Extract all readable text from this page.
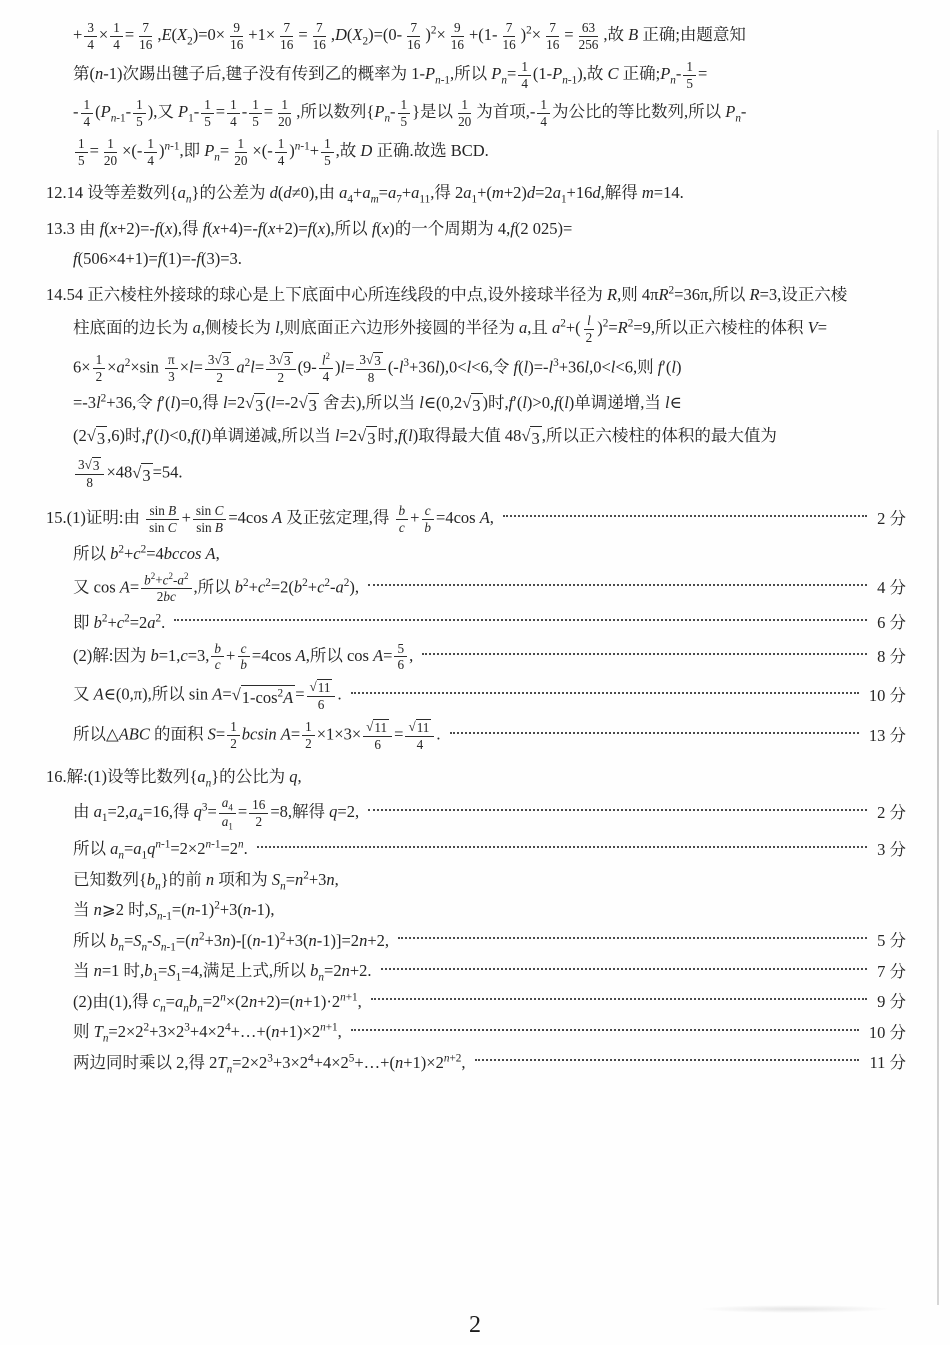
+ $\frac{3}{4} \times \frac{1}{4} = \frac{7}{16} ,E(X_2)=0\times \frac{9}{16} +1\times \frac{7}{16} = \frac{7}{16} ,D(X_2)=(0- \frac{7}{16} )^2\times \frac{9}{16} +(1- \frac{7}{16} )^2\times \frac{7}{16} = \frac{63}{256}$ ,故 B 正确;由题意知
第(n-1)次踢出毽子后,毽子没有传到乙的概率为 $1-P_{n-1}$,所以 $P_n= \frac{1}{4} (1-P_{n-1})$,故 C 正确$;P_n- \frac{1}{5}$ =
- $\frac{1}{4} (P_{n-1}- \frac{1}{5}$ ),又 $P_1- \frac{1}{5} = \frac{1}{4} - \frac{1}{5} = \frac{1}{20}$ ,所以数列{$P_n- \frac{1}{5}$ }是以 $\frac{1}{20}$ 为首项,- $\frac{1}{4}$ 为公比的等比数列,所以 $P_n-$
$\frac{1}{5} = \frac{1}{20}$ ×(- $\frac{1}{4} )^{n-1}$,即 $P_n= \frac{1}{20}$ ×(- $\frac{1}{4} )^{n-1}+ \frac{1}{5}$ ,故 D 正确.故选 BCD.
12.14 设等差数列$\{a_n\}$的公差为 d(d≠0),由 $a_4+a_m=a_7+a_{11}$,得 $2a_1+(m+2)d=2a_1+16d$,解得 m=14.
13.3 由 f(x+2)=-f(x),得 f(x+4)=-f(x+2)=f(x),所以 f(x)的一个周期为 4,f(2 025)=
f(506×4+1)=f(1)=-f(3)=3.
14.54 正六棱柱外接球的球心是上下底面中心所连线段的中点,设外接球半径为 R,则 $4\pi R^2=36\pi$,所以 R=3,设正六棱
柱底面的边长为 a,侧棱长为 l,则底面正六边形外接圆的半径为 a,且 $a^2+( \frac{l}{2} )^2=R^2=9$,所以正六棱柱的体积 V=
$6\times \frac{1}{2} \times a^2\times\sin \frac{\pi}{3} \times l= \frac{3 √ 3}{2} a^2l= \frac{3 √ 3}{2} (9- \frac{l^2}{4} )l= \frac{3 √ 3}{8} (-l^3+36l),0<l<6$,令 $f(l)=-l^3+36l,0<l<6$,则 f′(l)
$=-3l^2+36$,令 f′(l)=0,得 l=2 √ 3 (l=-2 √ 3 舍去),所以当 l∈(0,2 √ 3 )时,f′(l)>0,f(l)单调递增,当 l∈
(2 √ 3 ,6)时,f′(l)<0,f(l)单调递减,所以当 l=2 √ 3 时,f(l)取得最大值 48 √ 3 ,所以正六棱柱的体积的最大值为
$\frac{3 √ 3}{8} \times 48$ √ 3 =54.
15.(1)证明:由 $\frac{\text{sin B}}{\text{sin C}} + \frac{\text{sin C}}{\text{sin B}} =4\cos$ A 及正弦定理,得 $\frac{b}{c} + \frac{c}{b} =4\cos$ A,	2 分
所以 $b^2+c^2=4bccos$ A,
又 $\cos A= \frac{b^2+c^2-a^2}{2bc}$ ,所以 $b^2+c^2=2(b^2+c^2-a^2)$,	4 分
即 $b^2+c^2=2a^2$.	6 分
(2)解:因为 b=1,c=3, $\frac{b}{c} + \frac{c}{b} =4\cos$ A,所以 $\cos A= \frac{5}{6}$ ,	8 分
又 A∈(0,π),所以 sin A= √ $1-\cos^2A = \frac{√ 11}{6}$ .	10 分
所以△ABC 的面积 $S= \frac{1}{2}$ bcsin $A= \frac{1}{2} \times 1\times 3\times \frac{√ 11}{6} = \frac{√ 11}{4}$ .	13 分
16.解:(1)设等比数列$\{a_n\}$的公比为 q,
由 $a_1=2,a_4=16$,得 $q^3= \frac{a_4}{a_1} = \frac{16}{2} =8$,解得 q=2,	2 分
所以 $a_n=a_1q^{n-1}=2\times 2^{n-1}=2^n$.	3 分
已知数列$\{b_n\}$的前 n 项和为 $S_n=n^2+3n$,
当 n⩾2 时$,S_{n-1}=(n-1)^2+3(n-1)$,
所以 $b_n=S_n-S_{n-1}=(n^2+3n)-[(n-1)^2+3(n-1)]=2n+2$,	5 分
当 n=1 时$,b_1=S_1=4$,满足上式,所以 $b_n=2n+2$.	7 分
(2)由(1),得 $c_n=a_nb_n=2^n\times(2n+2)=(n+1)\cdot 2^{n+1}$,	9 分
则 $T_n=2\times 2^2+3\times 2^3+4\times 2^4+\dots+(n+1)\times 2^{n+1}$,	10 分
两边同时乘以 2,得 $2T_n=2\times 2^3+3\times 2^4+4\times 2^5+\dots+(n+1)\times 2^{n+2}$,	11 分
2
